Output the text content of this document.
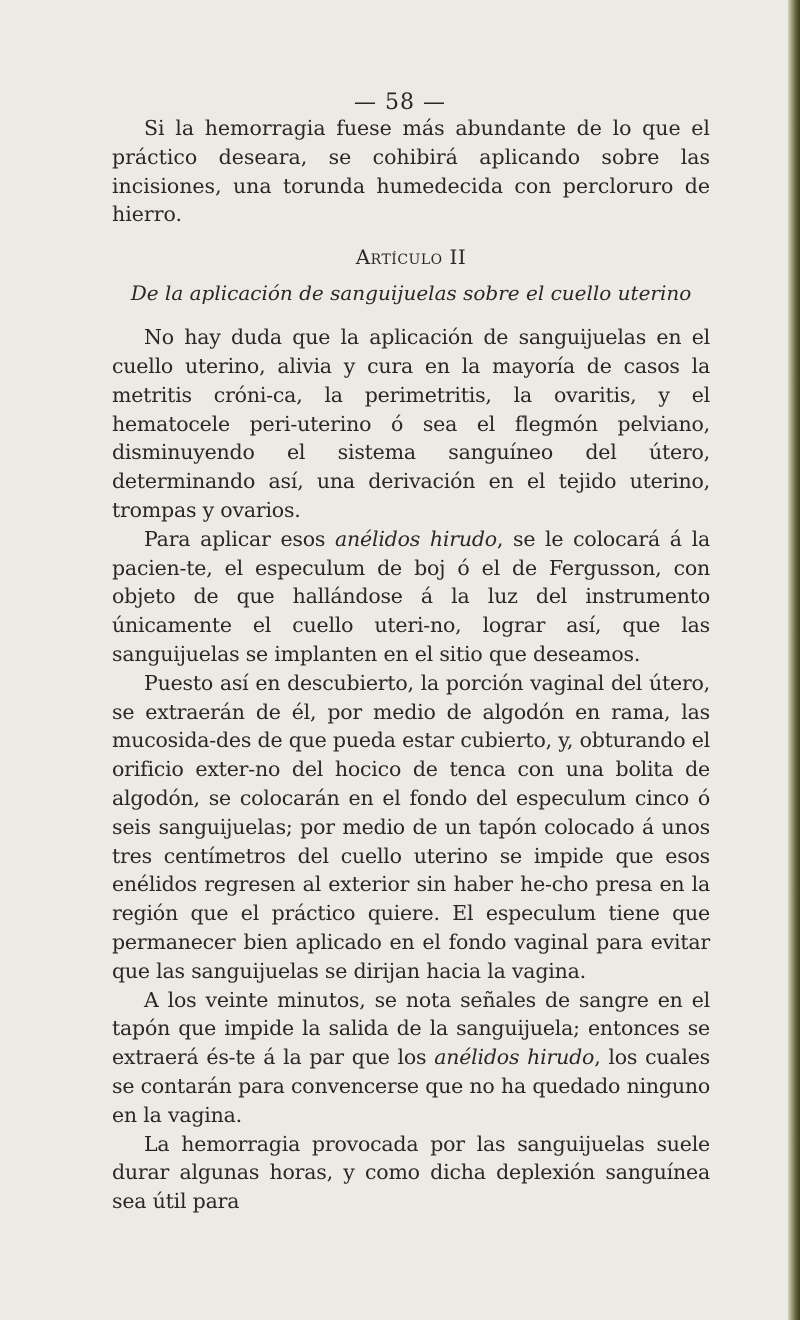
— 58 —

Si la hemorragia fuese más abundante de lo que el práctico deseara, se cohibirá aplicando sobre las incisiones, una torunda humedecida con percloruro de hierro.

Artículo II
De la aplicación de sanguijuelas sobre el cuello uterino

No hay duda que la aplicación de sanguijuelas en el cuello uterino, alivia y cura en la mayoría de casos la metritis cróni-ca, la perimetritis, la ovaritis, y el hematocele peri-uterino ó sea el flegmón pelviano, disminuyendo el sistema sanguíneo del útero, determinando así, una derivación en el tejido uterino, trompas y ovarios.

Para aplicar esos anélidos hirudo, se le colocará á la pacien-te, el especulum de boj ó el de Fergusson, con objeto de que hallándose á la luz del instrumento únicamente el cuello uteri-no, lograr así, que las sanguijuelas se implanten en el sitio que deseamos.

Puesto así en descubierto, la porción vaginal del útero, se extraerán de él, por medio de algodón en rama, las mucosida-des de que pueda estar cubierto, y, obturando el orificio exter-no del hocico de tenca con una bolita de algodón, se colocarán en el fondo del especulum cinco ó seis sanguijuelas; por medio de un tapón colocado á unos tres centímetros del cuello uterino se impide que esos enélidos regresen al exterior sin haber he-cho presa en la región que el práctico quiere. El especulum tiene que permanecer bien aplicado en el fondo vaginal para evitar que las sanguijuelas se dirijan hacia la vagina.

A los veinte minutos, se nota señales de sangre en el tapón que impide la salida de la sanguijuela; entonces se extraerá és-te á la par que los anélidos hirudo, los cuales se contarán para convencerse que no ha quedado ninguno en la vagina.

La hemorragia provocada por las sanguijuelas suele durar algunas horas, y como dicha deplexión sanguínea sea útil para
